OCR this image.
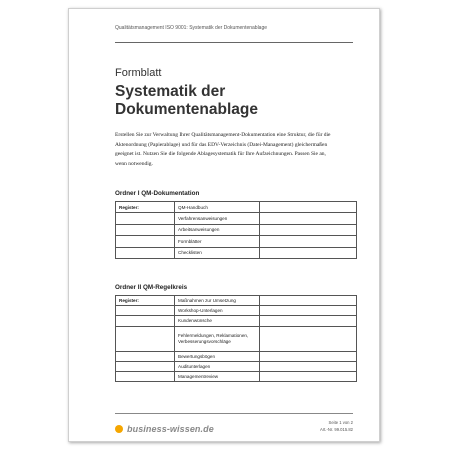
Qualitätsmanagement ISO 9001: Systematik der Dokumentenablage
Formblatt
Systematik der Dokumentenablage
Erstellen Sie zur Verwaltung Ihrer Qualitätsmanagement-Dokumentation eine Struktur, die für die Aktenordnung (Papierablage) und für das EDV-Verzeichnis (Datei-Management) gleichermaßen geeignet ist. Nutzen Sie die folgende Ablagesystematik für Ihre Aufzeichnungen. Passen Sie an, wenn notwendig.
Ordner I QM-Dokumentation
Register:	QM-Handbuch	
	Verfahrensanweisungen	
	Arbeitsanweisungen	
	Formblätter	
	Checklisten	
Ordner II QM-Regelkreis
Register:	Maßnahmen zur Umsetzung	
	Workshop-Unterlagen	
	Kundenwünsche	
	Fehlermeldungen, Reklamationen, Verbesserungsvorschläge	
	Bewertungsbögen	
	Auditunterlagen	
	Managementreview	
business-wissen.de
Seite 1 von 2
Art.-Nr. 99.015.82
